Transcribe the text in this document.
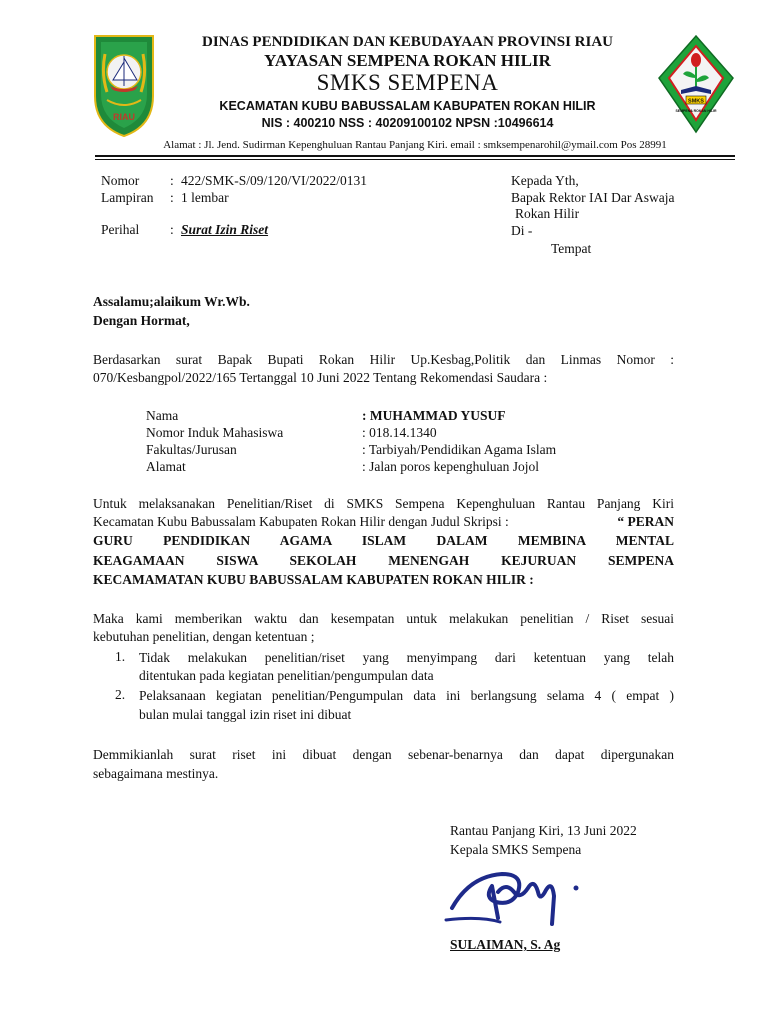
RIAU
DINAS PENDIDIKAN DAN KEBUDAYAAN PROVINSI RIAU
YAYASAN SEMPENA ROKAN HILIR
SMKS SEMPENA
KECAMATAN KUBU BABUSSALAM KABUPATEN ROKAN HILIR
NIS : 400210 NSS : 40209100102 NPSN :10496614
SMKS
SEMPENA ROKAN HILIR
Alamat : Jl. Jend. Sudirman Kepenghuluan Rantau Panjang Kiri. email : smksempenarohil@ymail.com Pos 28991
Nomor : 422/SMK-S/09/120/VI/2022/0131
Lampiran : 1 lembar
Perihal : Surat Izin Riset
Kepada Yth,
Bapak Rektor IAI Dar Aswaja
Rokan Hilir
Di -
Tempat
Assalamu;alaikum Wr.Wb.
Dengan Hormat,
Berdasarkan surat Bapak Bupati Rokan Hilir Up.Kesbag,Politik dan Linmas Nomor :
070/Kesbangpol/2022/165 Tertanggal 10 Juni 2022 Tentang Rekomendasi Saudara :
Nama	: MUHAMMAD YUSUF
Nomor Induk Mahasiswa	: 018.14.1340
Fakultas/Jurusan	: Tarbiyah/Pendidikan Agama Islam
Alamat	: Jalan poros kepenghuluan Jojol
Untuk melaksanakan Penelitian/Riset di SMKS Sempena Kepenghuluan Rantau Panjang Kiri
Kecamatan Kubu Babussalam Kabupaten Rokan Hilir dengan Judul Skripsi :	“ PERAN
GURU PENDIDIKAN AGAMA ISLAM DALAM MEMBINA MENTAL
KEAGAMAAN SISWA SEKOLAH MENENGAH KEJURUAN SEMPENA
KECAMAMATAN KUBU BABUSSALAM KABUPATEN ROKAN HILIR :
Maka kami memberikan waktu dan kesempatan untuk melakukan penelitian / Riset sesuai
kebutuhan penelitian, dengan ketentuan ;
1. Tidak melakukan penelitian/riset yang menyimpang dari ketentuan yang telah
ditentukan pada kegiatan penelitian/pengumpulan data
2. Pelaksanaan kegiatan penelitian/Pengumpulan data ini berlangsung selama 4 ( empat )
bulan mulai tanggal izin riset ini dibuat
Demmikianlah surat riset ini dibuat dengan sebenar-benarnya dan dapat dipergunakan
sebagaimana mestinya.
Rantau Panjang Kiri, 13 Juni 2022
Kepala SMKS Sempena
SULAIMAN, S. Ag
